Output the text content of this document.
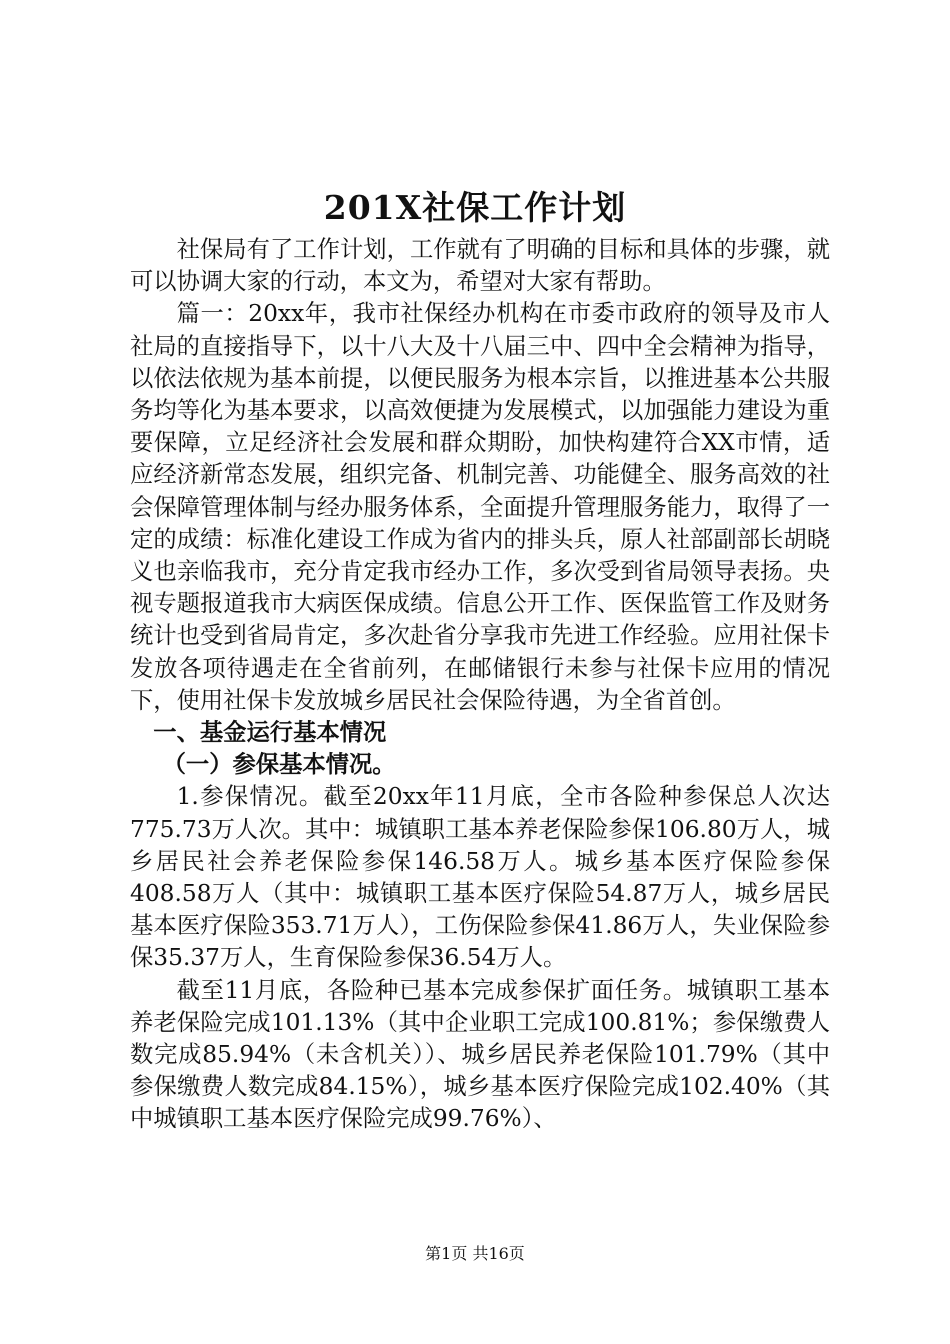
201X社保工作计划

社保局有了工作计划，工作就有了明确的目标和具体的步骤，就可以协调大家的行动，本文为，希望对大家有帮助。

篇一：20xx年，我市社保经办机构在市委市政府的领导及市人社局的直接指导下，以十八大及十八届三中、四中全会精神为指导，以依法依规为基本前提，以便民服务为根本宗旨，以推进基本公共服务均等化为基本要求，以高效便捷为发展模式，以加强能力建设为重要保障，立足经济社会发展和群众期盼，加快构建符合XX市情，适应经济新常态发展，组织完备、机制完善、功能健全、服务高效的社会保障管理体制与经办服务体系，全面提升管理服务能力，取得了一定的成绩：标准化建设工作成为省内的排头兵，原人社部副部长胡晓义也亲临我市，充分肯定我市经办工作，多次受到省局领导表扬。央视专题报道我市大病医保成绩。信息公开工作、医保监管工作及财务统计也受到省局肯定，多次赴省分享我市先进工作经验。应用社保卡发放各项待遇走在全省前列，在邮储银行未参与社保卡应用的情况下，使用社保卡发放城乡居民社会保险待遇，为全省首创。

一、基金运行基本情况
（一）参保基本情况。

1.参保情况。截至20xx年11月底，全市各险种参保总人次达775.73万人次。其中：城镇职工基本养老保险参保106.80万人，城乡居民社会养老保险参保146.58万人。城乡基本医疗保险参保408.58万人（其中：城镇职工基本医疗保险54.87万人，城乡居民基本医疗保险353.71万人），工伤保险参保41.86万人，失业保险参保35.37万人，生育保险参保36.54万人。

截至11月底，各险种已基本完成参保扩面任务。城镇职工基本养老保险完成101.13%（其中企业职工完成100.81%；参保缴费人数完成85.94%（未含机关））、城乡居民养老保险101.79%（其中参保缴费人数完成84.15%），城乡基本医疗保险完成102.40%（其中城镇职工基本医疗保险完成99.76%）、

第1页 共16页
